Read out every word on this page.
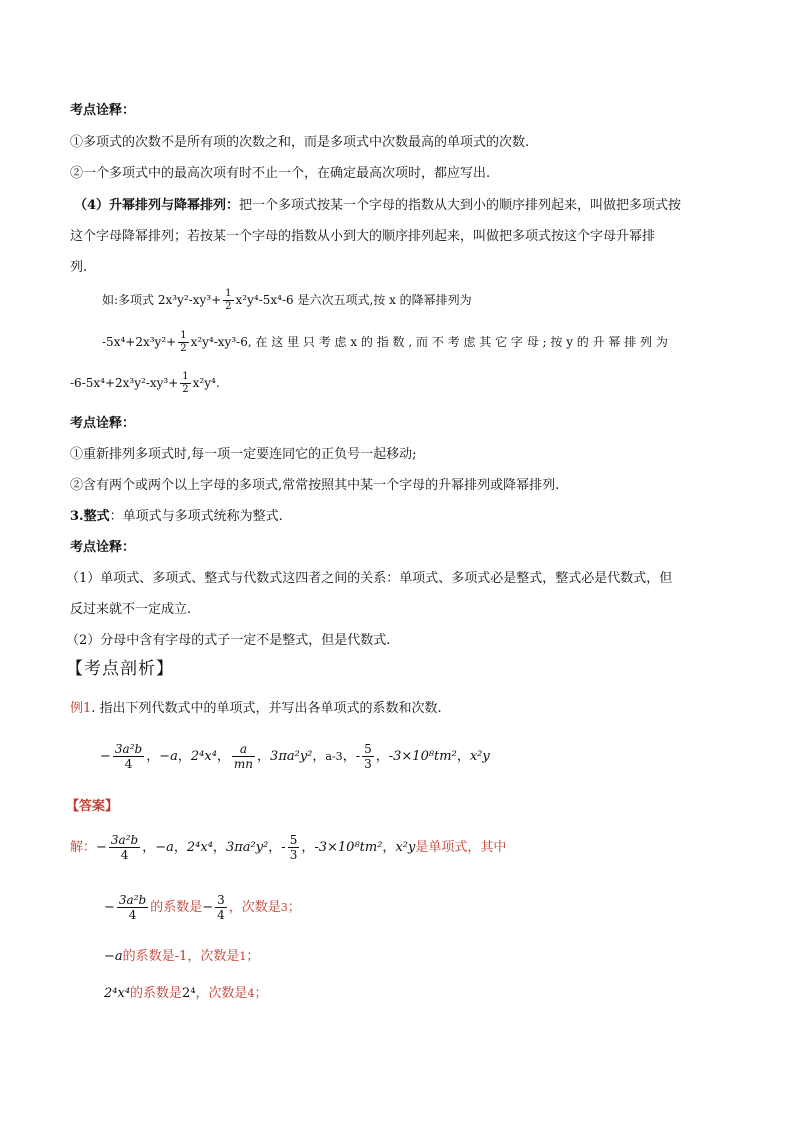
考点诠释：
①多项式的次数不是所有项的次数之和，而是多项式中次数最高的单项式的次数.
②一个多项式中的最高次项有时不止一个，在确定最高次项时，都应写出.
（4）升幂排列与降幂排列：把一个多项式按某一个字母的指数从大到小的顺序排列起来，叫做把多项式按
这个字母降幂排列；若按某一个字母的指数从小到大的顺序排列起来，叫做把多项式按这个字母升幂排
列.
如:多项式 $2x^3y^2-xy^3+ \frac{1}{2} x^2y^4-5x^4-6$ 是六次五项式,按 x 的降幂排列为
$-5x^4+2x^3y^2+ \frac{1}{2} x^2y^4-xy^3-6$, 在 这 里 只 考 虑 x 的 指 数 , 而 不 考 虑 其 它 字 母 ; 按 y 的 升 幂 排 列 为
$-6-5x^4+2x^3y^2-xy^3+ \frac{1}{2} x^2y^4$.
考点诠释：
①重新排列多项式时,每一项一定要连同它的正负号一起移动;
②含有两个或两个以上字母的多项式,常常按照其中某一个字母的升幂排列或降幂排列.
3.整式：单项式与多项式统称为整式.
考点诠释：
（1）单项式、多项式、整式与代数式这四者之间的关系：单项式、多项式必是整式，整式必是代数式，但
反过来就不一定成立.
（2）分母中含有字母的式子一定不是整式，但是代数式.
【考点剖析】
例1. 指出下列代数式中的单项式，并写出各单项式的系数和次数.
− $\frac{\text{3a²b}}{4}$ ，−a，2⁴x⁴， $\frac{a}{mn}$ ，3πa²y²，a-3，- $\frac{5}{3}$ ，-3×10⁸tm²，x²y
【答案】
解：− $\frac{\text{3a²b}}{4}$ ，−a，2⁴x⁴，3πa²y²，- $\frac{5}{3}$ ，-3×10⁸tm²，x²y是单项式，其中
− $\frac{\text{3a²b}}{4}$ 的系数是− $\frac{3}{4}$ ，次数是3；
−a的系数是-1，次数是1；
2⁴x⁴的系数是2⁴，次数是4；
